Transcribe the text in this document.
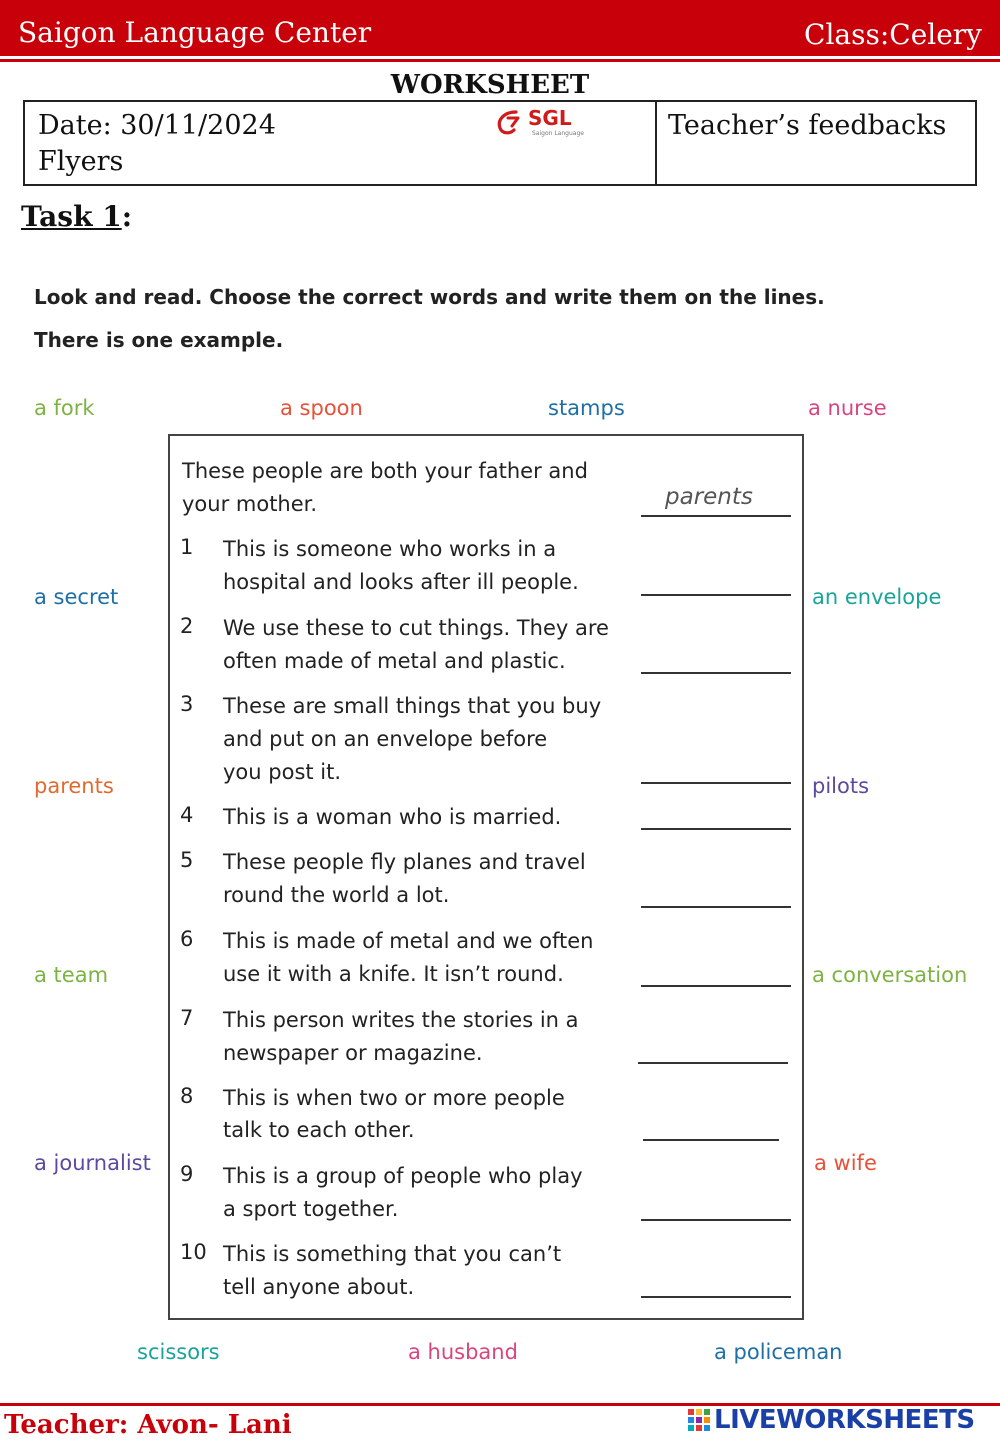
Saigon Language Center	Class:Celery
WORKSHEET
Date: 30/11/2024
Flyers
Teacher’s feedbacks
SGL
Saigon Language
Task 1:
Look and read. Choose the correct words and write them on the lines.
There is one example.
a fork	a spoon	stamps	a nurse
a secret	an envelope
parents	pilots
a team	a conversation
a journalist	a wife
scissors	a husband	a policeman
These people are both your father and
your mother.	parents
1 This is someone who works in a
hospital and looks after ill people.
2 We use these to cut things. They are
often made of metal and plastic.
3 These are small things that you buy
and put on an envelope before
you post it.
4 This is a woman who is married.
5 These people fly planes and travel
round the world a lot.
6 This is made of metal and we often
use it with a knife. It isn’t round.
7 This person writes the stories in a
newspaper or magazine.
8 This is when two or more people
talk to each other.
9 This is a group of people who play
a sport together.
10 This is something that you can’t
tell anyone about.
Teacher: Avon- Lani	LIVEWORKSHEETS
